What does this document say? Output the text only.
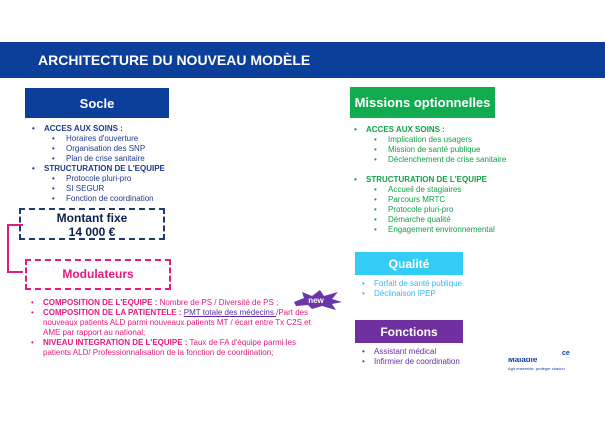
ARCHITECTURE DU NOUVEAU MODÈLE
Socle
• ACCES AUX SOINS :
• Horaires d'ouverture
• Organisation des SNP
• Plan de crise sanitaire
• STRUCTURATION DE L'EQUIPE
• Protocole pluri-pro
• SI SEGUR
• Fonction de coordination
Montant fixe
14 000 €
Modulateurs
new
• COMPOSITION DE L'EQUIPE : Nombre de PS / Diversité de PS ;
• COMPOSITION DE LA PATIENTELE : PMT totale des médecins /Part des nouveaux patients ALD parmi nouveaux patients MT / écart entre Tx C2S et AME par rapport au national;
• NIVEAU INTEGRATION DE L'EQUIPE : Taux de FA d'équipe parmi les patients ALD/ Professionnalisation de la fonction de coordination;
Missions optionnelles
• ACCES AUX SOINS :
• Implication des usagers
• Mission de santé publique
• Déclenchement de crise sanitaire
• STRUCTURATION DE L'EQUIPE
• Accueil de stagiaires
• Parcours MRTC
• Protocole pluri-pro
• Démarche qualité
• Engagement environnemental
Qualité
• Forfait de santé publique
• Déclinaison IPEP
Fonctions
• Assistant médical
• Infirmier de coordination
ce
Maladie
Agir ensemble, protéger chacun
